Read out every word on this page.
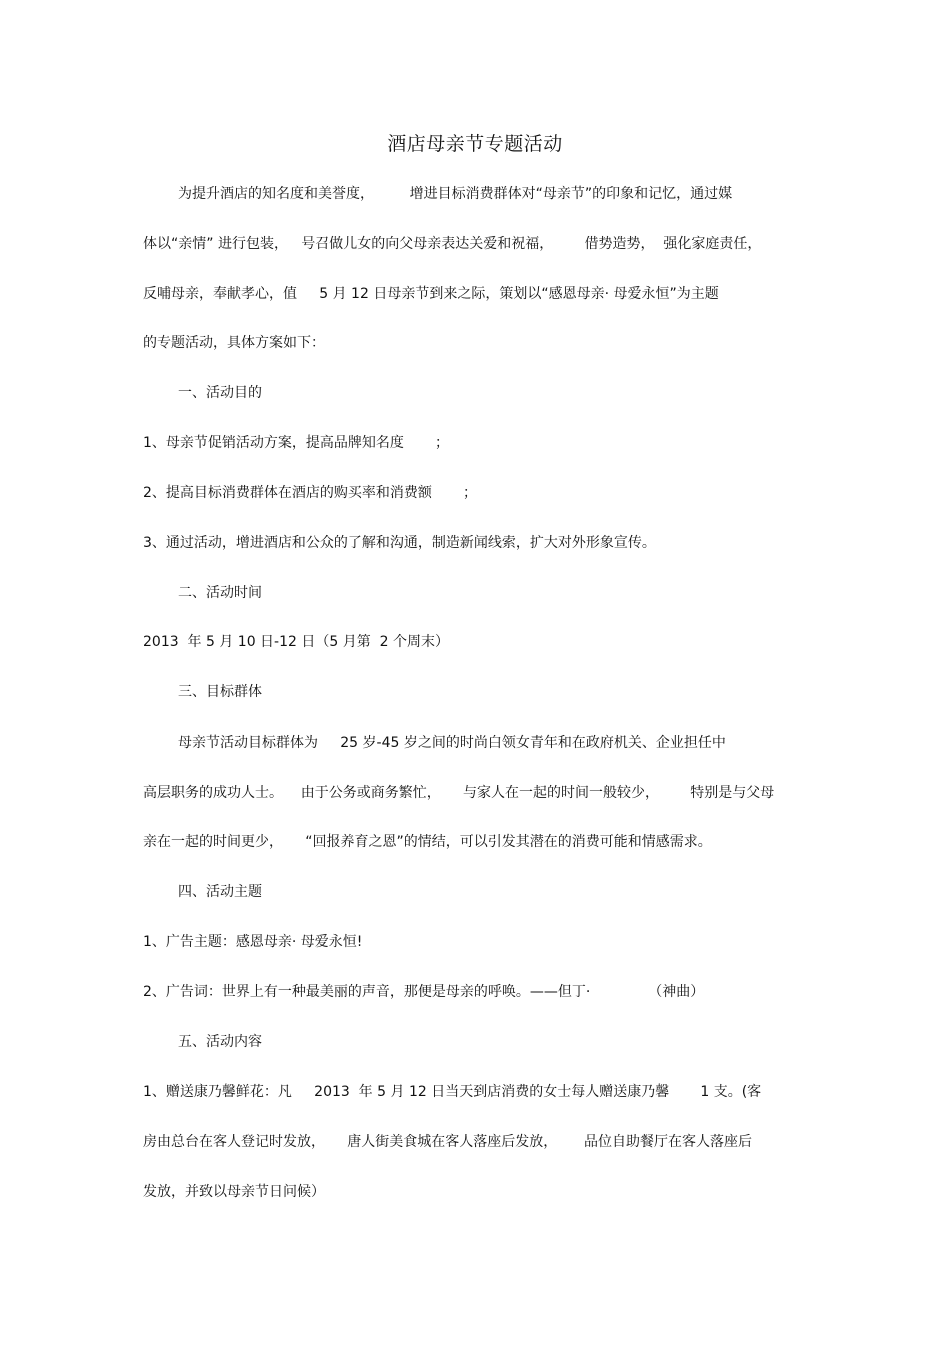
酒店母亲节专题活动
为提升酒店的知名度和美誉度，        增进目标消费群体对“母亲节”的印象和记忆，通过媒
体以“亲情” 进行包装，   号召做儿女的向父母亲表达关爱和祝福，       借势造势，  强化家庭责任，
反哺母亲，奉献孝心，值     5 月 12 日母亲节到来之际，策划以“感恩母亲· 母爱永恒”为主题
的专题活动，具体方案如下：
一、活动目的
1、母亲节促销活动方案，提高品牌知名度       ；
2、提高目标消费群体在酒店的购买率和消费额       ；
3、通过活动，增进酒店和公众的了解和沟通，制造新闻线索，扩大对外形象宣传。
二、活动时间
2013  年 5 月 10 日-12 日（5 月第  2 个周末）
三、目标群体
母亲节活动目标群体为     25 岁-45 岁之间的时尚白领女青年和在政府机关、企业担任中
高层职务的成功人士。    由于公务或商务繁忙，     与家人在一起的时间一般较少，       特别是与父母
亲在一起的时间更少，     “回报养育之恩”的情结，可以引发其潜在的消费可能和情感需求。
四、活动主题
1、广告主题：感恩母亲· 母爱永恒!
2、广告词：世界上有一种最美丽的声音，那便是母亲的呼唤。——但丁·             （神曲）
五、活动内容
1、赠送康乃馨鲜花：凡     2013  年 5 月 12 日当天到店消费的女士每人赠送康乃馨       1 支。(客
房由总台在客人登记时发放，     唐人街美食城在客人落座后发放，      品位自助餐厅在客人落座后
发放，并致以母亲节日问候）
